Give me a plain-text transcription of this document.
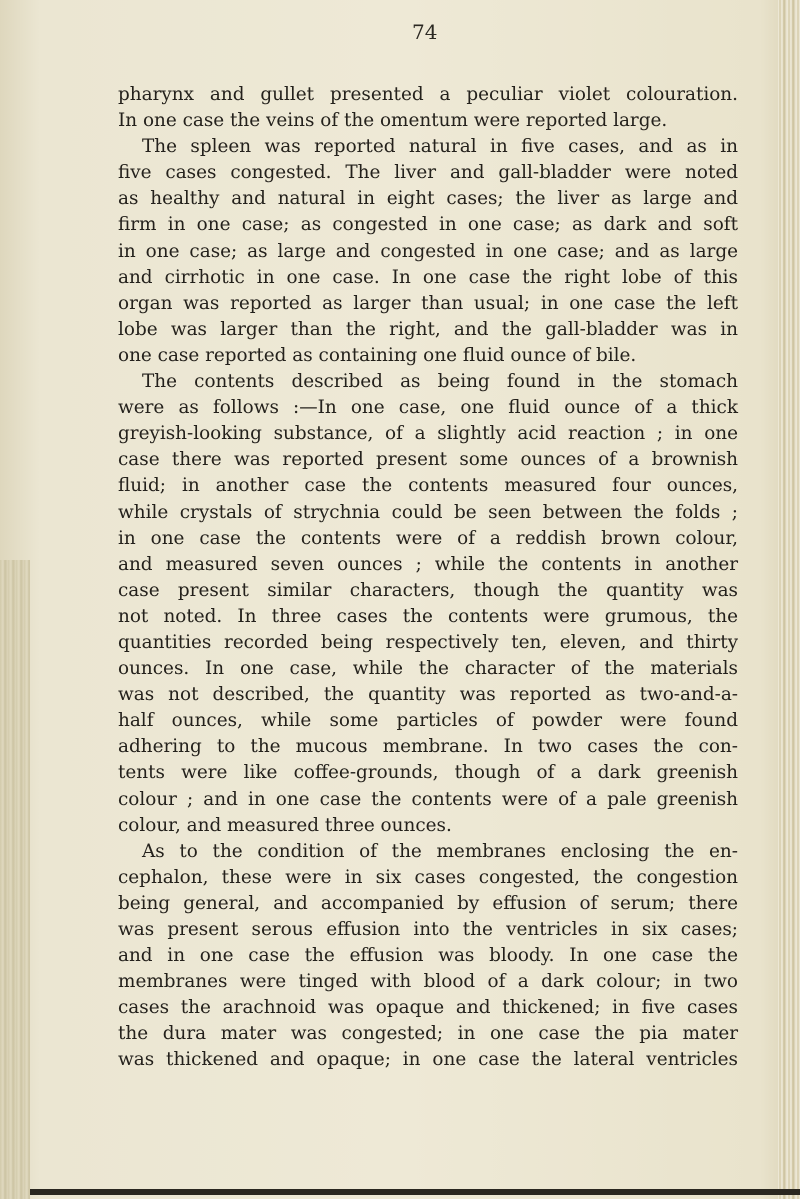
74
pharynx and gullet presented a peculiar violet colouration.
In one case the veins of the omentum were reported large.
The spleen was reported natural in five cases, and as in
five cases congested. The liver and gall-bladder were noted
as healthy and natural in eight cases; the liver as large and
firm in one case; as congested in one case; as dark and soft
in one case; as large and congested in one case; and as large
and cirrhotic in one case. In one case the right lobe of this
organ was reported as larger than usual; in one case the left
lobe was larger than the right, and the gall-bladder was in
one case reported as containing one fluid ounce of bile.
The contents described as being found in the stomach
were as follows :—In one case, one fluid ounce of a thick
greyish-looking substance, of a slightly acid reaction ; in one
case there was reported present some ounces of a brownish
fluid; in another case the contents measured four ounces,
while crystals of strychnia could be seen between the folds ;
in one case the contents were of a reddish brown colour,
and measured seven ounces ; while the contents in another
case present similar characters, though the quantity was
not noted. In three cases the contents were grumous, the
quantities recorded being respectively ten, eleven, and thirty
ounces. In one case, while the character of the materials
was not described, the quantity was reported as two-and-a-
half ounces, while some particles of powder were found
adhering to the mucous membrane. In two cases the con-
tents were like coffee-grounds, though of a dark greenish
colour ; and in one case the contents were of a pale greenish
colour, and measured three ounces.
As to the condition of the membranes enclosing the en-
cephalon, these were in six cases congested, the congestion
being general, and accompanied by effusion of serum; there
was present serous effusion into the ventricles in six cases;
and in one case the effusion was bloody. In one case the
membranes were tinged with blood of a dark colour; in two
cases the arachnoid was opaque and thickened; in five cases
the dura mater was congested; in one case the pia mater
was thickened and opaque; in one case the lateral ventricles
